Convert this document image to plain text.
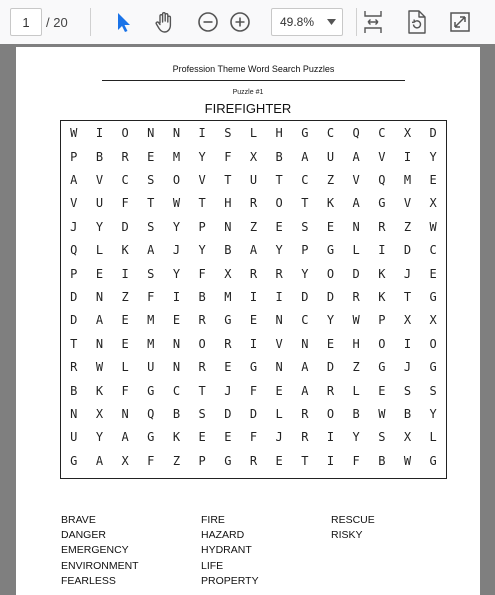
1	/ 20	49.8%
Profession Theme Word Search Puzzles
Puzzle #1
FIREFIGHTER
W	I	O	N	N	I	S	L	H	G	C	Q	C	X	D
P	B	R	E	M	Y	F	X	B	A	U	A	V	I	Y
A	V	C	S	O	V	T	U	T	C	Z	V	Q	M	E
V	U	F	T	W	T	H	R	O	T	K	A	G	V	X
J	Y	D	S	Y	P	N	Z	E	S	E	N	R	Z	W
Q	L	K	A	J	Y	B	A	Y	P	G	L	I	D	C
P	E	I	S	Y	F	X	R	R	Y	O	D	K	J	E
D	N	Z	F	I	B	M	I	I	D	D	R	K	T	G
D	A	E	M	E	R	G	E	N	C	Y	W	P	X	X
T	N	E	M	N	O	R	I	V	N	E	H	O	I	O
R	W	L	U	N	R	E	G	N	A	D	Z	G	J	G
B	K	F	G	C	T	J	F	E	A	R	L	E	S	S
N	X	N	Q	B	S	D	D	L	R	O	B	W	B	Y
U	Y	A	G	K	E	E	F	J	R	I	Y	S	X	L
G	A	X	F	Z	P	G	R	E	T	I	F	B	W	G
BRAVE
DANGER
EMERGENCY
ENVIRONMENT
FEARLESS
FIRE
HAZARD
HYDRANT
LIFE
PROPERTY
RESCUE
RISKY
